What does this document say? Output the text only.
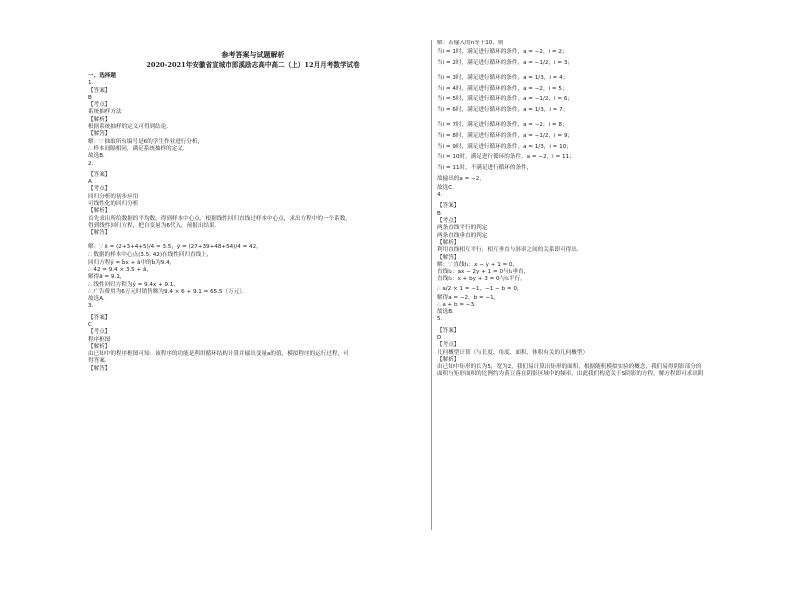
参考答案与试题解析
2020-2021年安徽省宣城市郎溪励志高中高二（上）12月月考数学试卷
一、选择题
1.
【答案】
B
【考点】
系统抽样方法
【解析】
根据系统抽样的定义可得到结论．
【解答】
解：∵ 抽取所有编号是6的学生作业进行分析，
∴ 样本间隔相同，满足系统抽样的定义．
故选B．
2.
【答案】
A
【考点】
回归分析的初步应用
可线性化的回归分析
【解析】
首先求出所给数据的平均数，得到样本中心点，根据线性回归直线过样本中心点，求出方程中的一个系数，
得到线性回归方程，把自变量为6代入，预报出结果．
【解答】
解：∵ x̄ = (2+3+4+5)/4 = 3.5，ȳ = (27+39+48+54)/4 = 42，
∴ 数据的样本中心点(3.5, 42)在线性回归直线上，
回归方程ŷ = b̂x + â中的b̂为9.4，
∴ 42 = 9.4 × 3.5 + â，
解得â = 9.1，
∴ 线性回归方程为ŷ = 9.4x + 9.1，
∴ 广告费用为6万元时销售额为9.4 × 6 + 9.1 = 65.5（万元）．
故选A．
3.
【答案】
C
【考点】
程序框图
【解析】
由已知中的程序框图可知：该程序的功能是利用循环结构计算并输出变量a的值，模拟程序的运行过程，可
得答案．
【解答】
解：若输入的n等于10，则
当i = 1时，满足进行循环的条件，a = −2，i = 2；
当i = 2时，满足进行循环的条件，a = −1/2，i = 3；
当i = 3时，满足进行循环的条件，a = 1/3，i = 4；
当i = 4时，满足进行循环的条件，a = −2，i = 5；
当i = 5时，满足进行循环的条件，a = −1/2，i = 6；
当i = 6时，满足进行循环的条件，a = 1/3，i = 7；
当i = 7时，满足进行循环的条件，a = −2，i = 8；
当i = 8时，满足进行循环的条件，a = −1/2，i = 9；
当i = 9时，满足进行循环的条件，a = 1/3，i = 10；
当i = 10时，满足进行循环的条件，a = −2，i = 11；
当i = 11时，不满足进行循环的条件，
故输出的a = −2，
故选C．
4.
【答案】
B
【考点】
两条直线平行的判定
两条直线垂直的判定
【解析】
利用直线相互平行、相互垂直与斜率之间的关系即可得出．
【解答】
解：∵ 直线l₁：x − y + 1 = 0，
直线l₂：ax − 2y + 1 = 0与l₁垂直，
直线l₃：x + by + 3 = 0与l₁平行，
∴ a/2 × 1 = −1，−1 − b = 0，
解得a = −2，b = −1，
∴ a + b = −3．
故选B．
5.
【答案】
D
【考点】
几何概型计算（与长度、角度、面积、体积有关的几何概型）
【解析】
由已知中矩形的长为5，宽为2，我们易计算出矩形的面积，根据随机模拟实验的概念，我们易得阴影部分的
面积与矩形面积的比例约为黄豆落在阴影区域中的频率，由此我们构造关于S阴影的方程，解方程即可求出阴
